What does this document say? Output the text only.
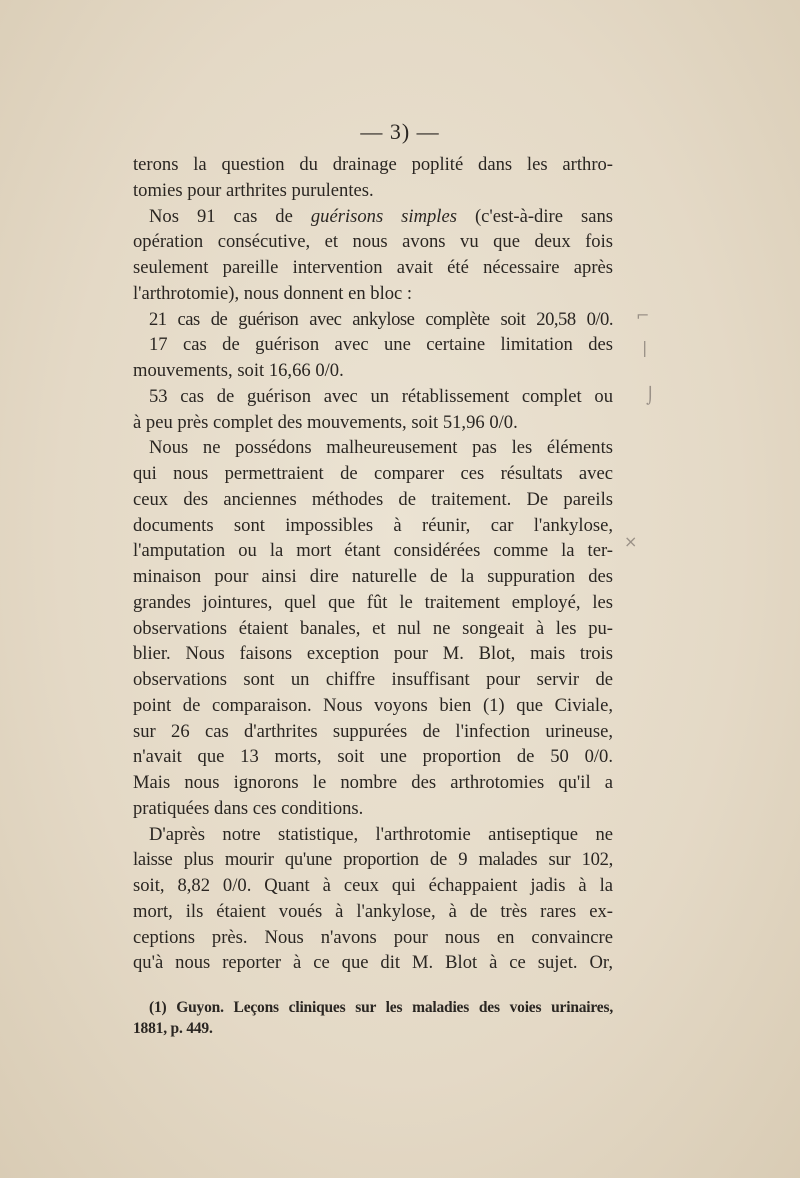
— 3) —

terons la question du drainage poplité dans les arthro-
tomies pour arthrites purulentes.

Nos 91 cas de guérisons simples (c'est-à-dire sans
opération consécutive, et nous avons vu que deux fois
seulement pareille intervention avait été nécessaire après
l'arthrotomie), nous donnent en bloc :

21 cas de guérison avec ankylose complète soit 20,58 0/0.

17 cas de guérison avec une certaine limitation des
mouvements, soit 16,66 0/0.

53 cas de guérison avec un rétablissement complet ou
à peu près complet des mouvements, soit 51,96 0/0.

Nous ne possédons malheureusement pas les éléments
qui nous permettraient de comparer ces résultats avec
ceux des anciennes méthodes de traitement. De pareils
documents sont impossibles à réunir, car l'ankylose,
l'amputation ou la mort étant considérées comme la ter-
minaison pour ainsi dire naturelle de la suppuration des
grandes jointures, quel que fût le traitement employé, les
observations étaient banales, et nul ne songeait à les pu-
blier. Nous faisons exception pour M. Blot, mais trois
observations sont un chiffre insuffisant pour servir de
point de comparaison. Nous voyons bien (1) que Civiale,
sur 26 cas d'arthrites suppurées de l'infection urineuse,
n'avait que 13 morts, soit une proportion de 50 0/0.
Mais nous ignorons le nombre des arthrotomies qu'il a
pratiquées dans ces conditions.

D'après notre statistique, l'arthrotomie antiseptique ne
laisse plus mourir qu'une proportion de 9 malades sur 102,
soit, 8,82 0/0. Quant à ceux qui échappaient jadis à la
mort, ils étaient voués à l'ankylose, à de très rares ex-
ceptions près. Nous n'avons pour nous en convaincre
qu'à nous reporter à ce que dit M. Blot à ce sujet. Or,

(1) Guyon. Leçons cliniques sur les maladies des voies urinaires,
1881, p. 449.
⌐
|
⌡
×
